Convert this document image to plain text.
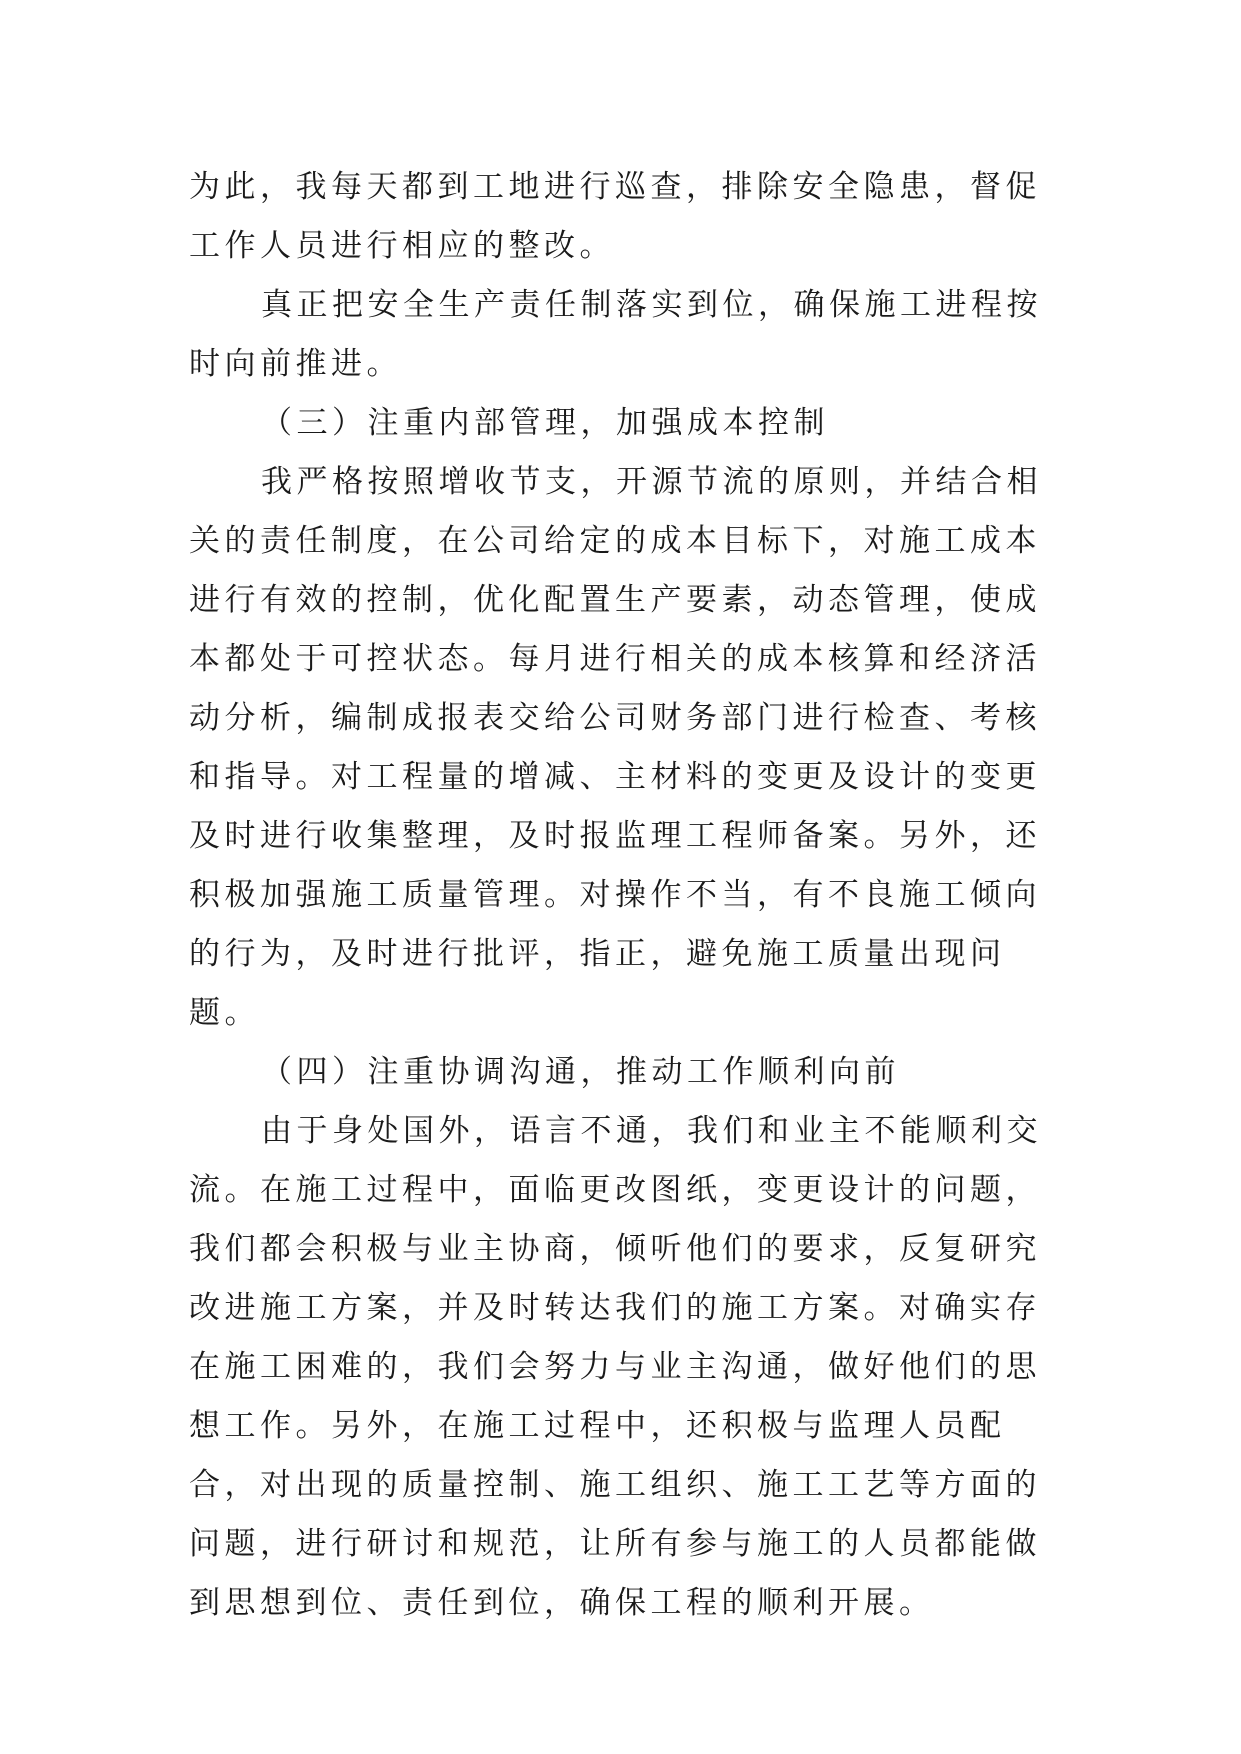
为此，我每天都到工地进行巡查，排除安全隐患，督促工作人员进行相应的整改。

真正把安全生产责任制落实到位，确保施工进程按时向前推进。

（三）注重内部管理，加强成本控制

我严格按照增收节支，开源节流的原则，并结合相关的责任制度，在公司给定的成本目标下，对施工成本进行有效的控制，优化配置生产要素，动态管理，使成本都处于可控状态。每月进行相关的成本核算和经济活动分析，编制成报表交给公司财务部门进行检查、考核和指导。对工程量的增减、主材料的变更及设计的变更及时进行收集整理，及时报监理工程师备案。另外，还积极加强施工质量管理。对操作不当，有不良施工倾向的行为，及时进行批评，指正，避免施工质量出现问题。

（四）注重协调沟通，推动工作顺利向前

由于身处国外，语言不通，我们和业主不能顺利交流。在施工过程中，面临更改图纸，变更设计的问题，我们都会积极与业主协商，倾听他们的要求，反复研究改进施工方案，并及时转达我们的施工方案。对确实存在施工困难的，我们会努力与业主沟通，做好他们的思想工作。另外，在施工过程中，还积极与监理人员配合，对出现的质量控制、施工组织、施工工艺等方面的问题，进行研讨和规范，让所有参与施工的人员都能做到思想到位、责任到位，确保工程的顺利开展。
